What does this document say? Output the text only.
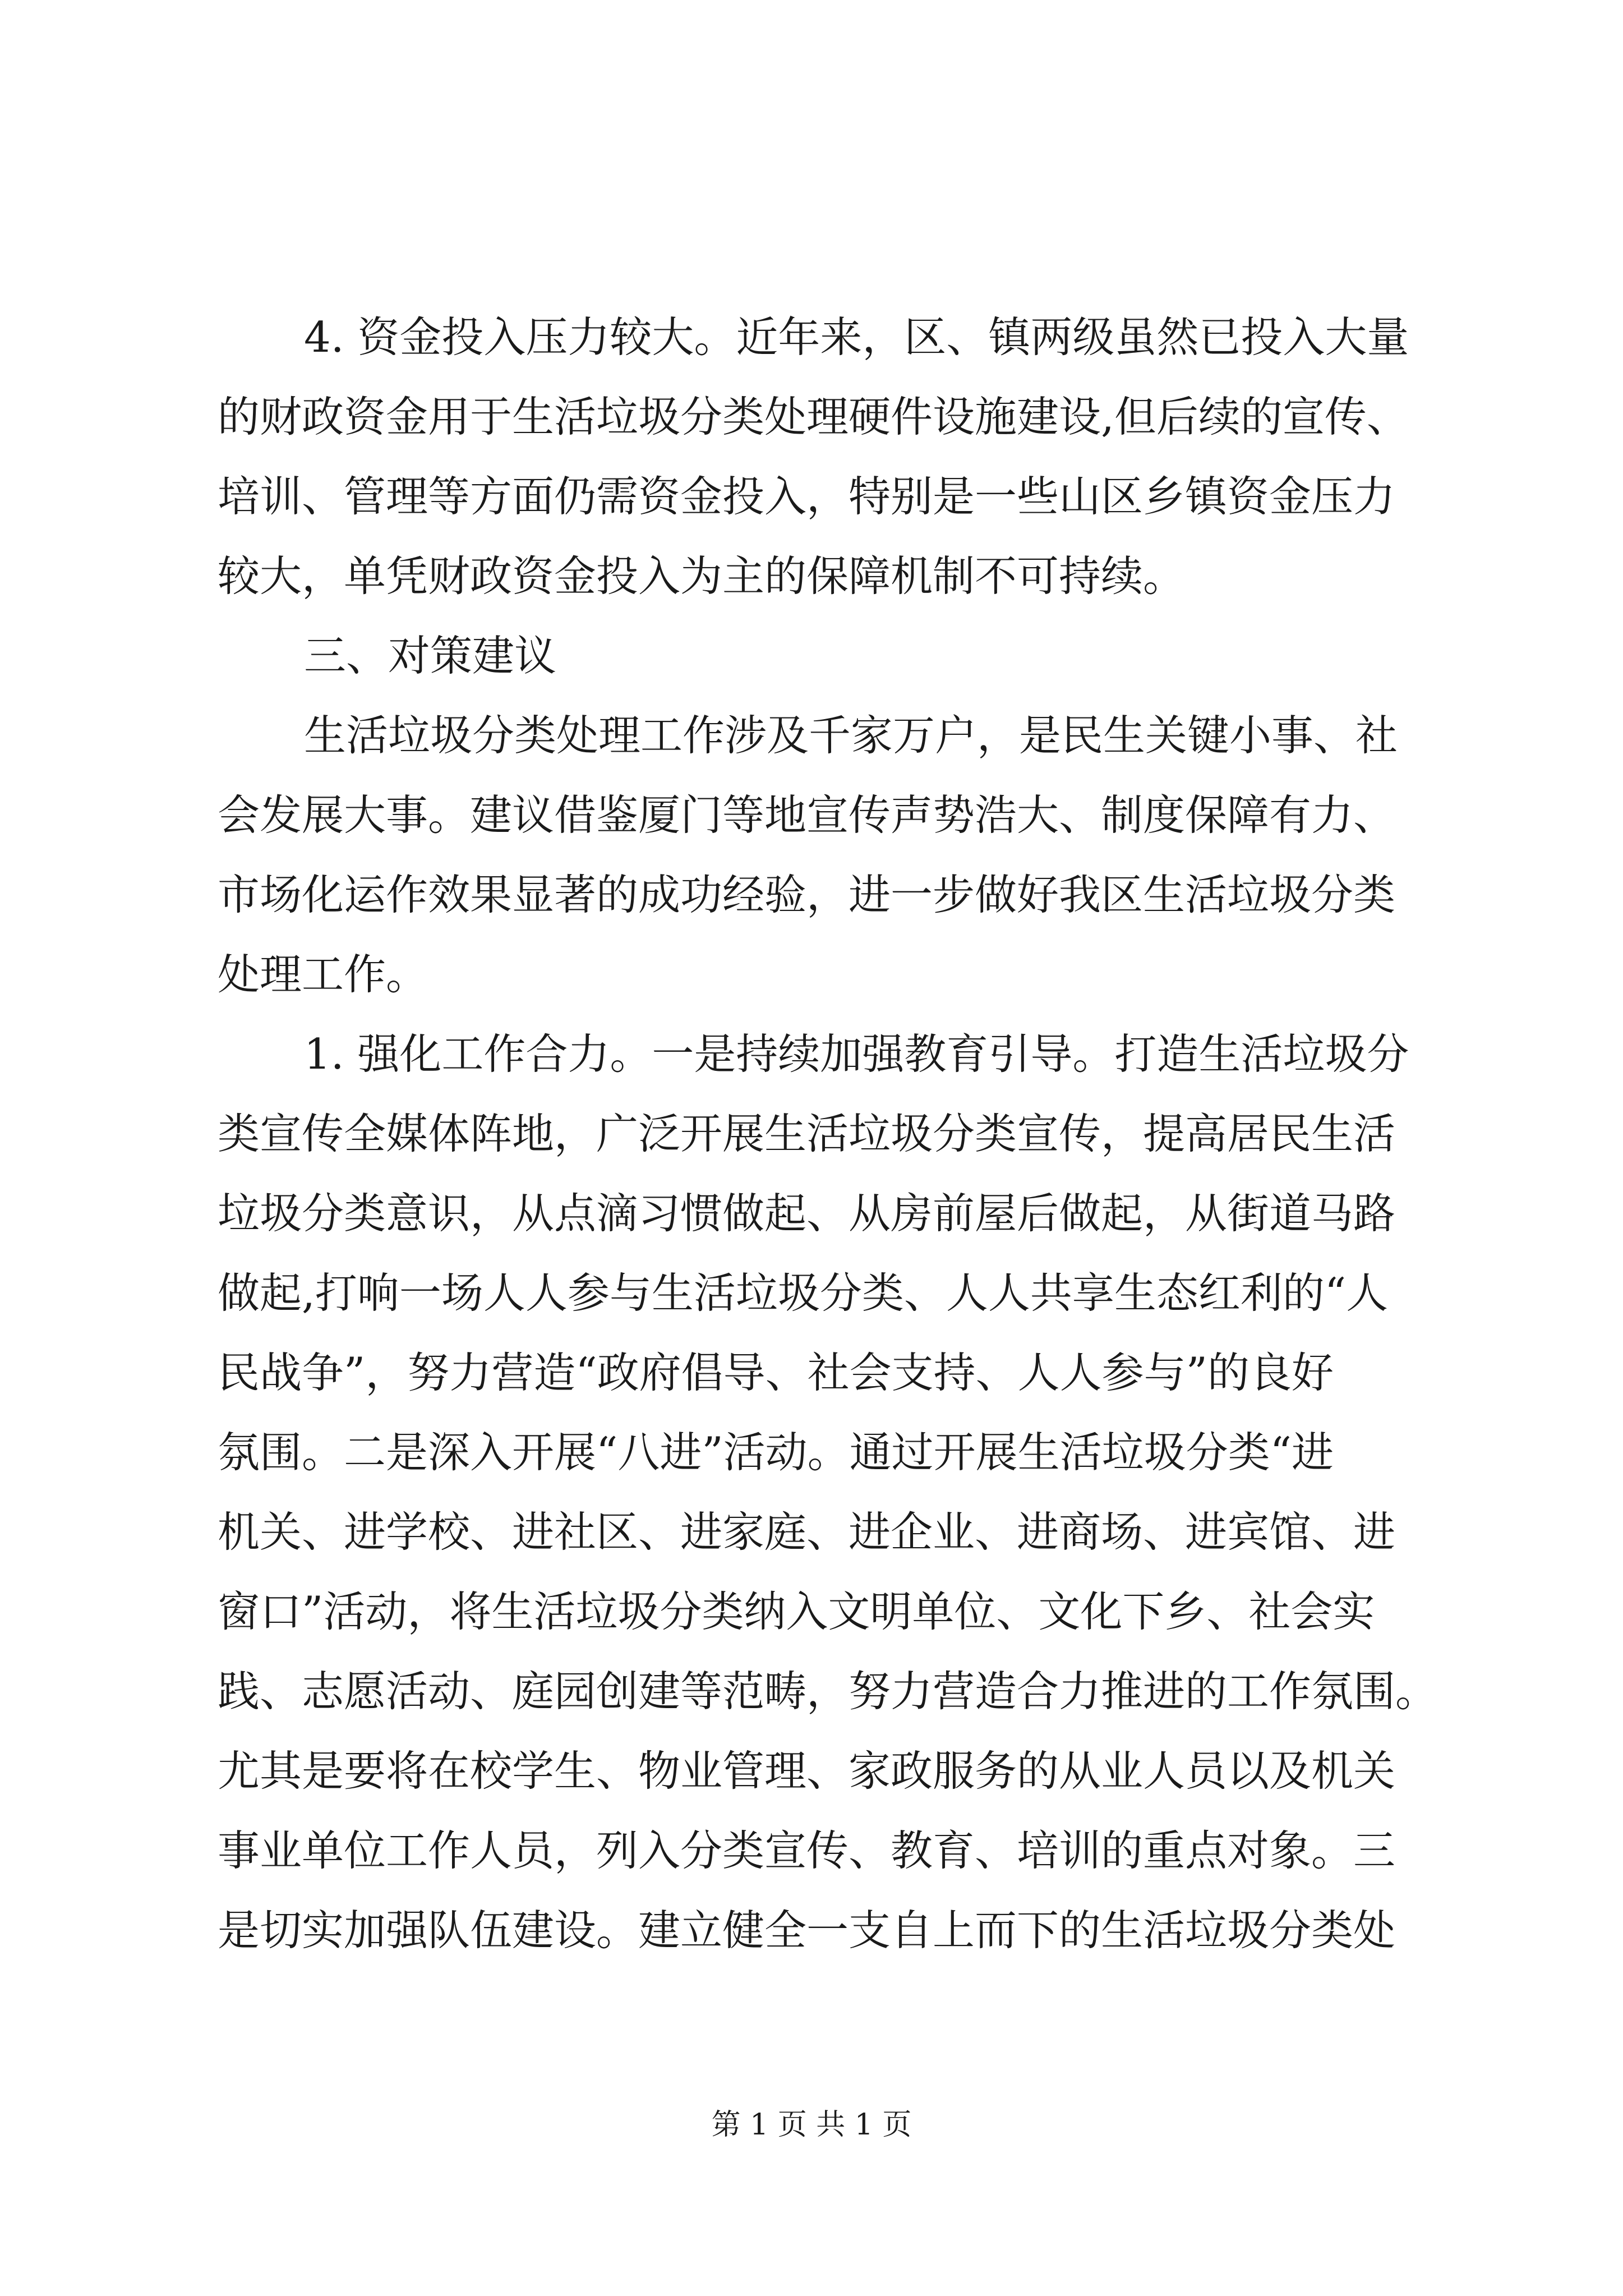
4. 资金投入压力较大。近年来，区、镇两级虽然已投入大量
的财政资金用于生活垃圾分类处理硬件设施建设,但后续的宣传、
培训、管理等方面仍需资金投入，特别是一些山区乡镇资金压力
较大，单凭财政资金投入为主的保障机制不可持续。
三、对策建议
生活垃圾分类处理工作涉及千家万户，是民生关键小事、社
会发展大事。建议借鉴厦门等地宣传声势浩大、制度保障有力、
市场化运作效果显著的成功经验，进一步做好我区生活垃圾分类
处理工作。
1. 强化工作合力。一是持续加强教育引导。打造生活垃圾分
类宣传全媒体阵地，广泛开展生活垃圾分类宣传，提高居民生活
垃圾分类意识，从点滴习惯做起、从房前屋后做起，从街道马路
做起,打响一场人人参与生活垃圾分类、人人共享生态红利的“人
民战争”，努力营造“政府倡导、社会支持、人人参与”的良好
氛围。二是深入开展“八进”活动。通过开展生活垃圾分类“进
机关、进学校、进社区、进家庭、进企业、进商场、进宾馆、进
窗口”活动，将生活垃圾分类纳入文明单位、文化下乡、社会实
践、志愿活动、庭园创建等范畴，努力营造合力推进的工作氛围。
尤其是要将在校学生、物业管理、家政服务的从业人员以及机关
事业单位工作人员，列入分类宣传、教育、培训的重点对象。三
是切实加强队伍建设。建立健全一支自上而下的生活垃圾分类处
第 1 页 共 1 页
